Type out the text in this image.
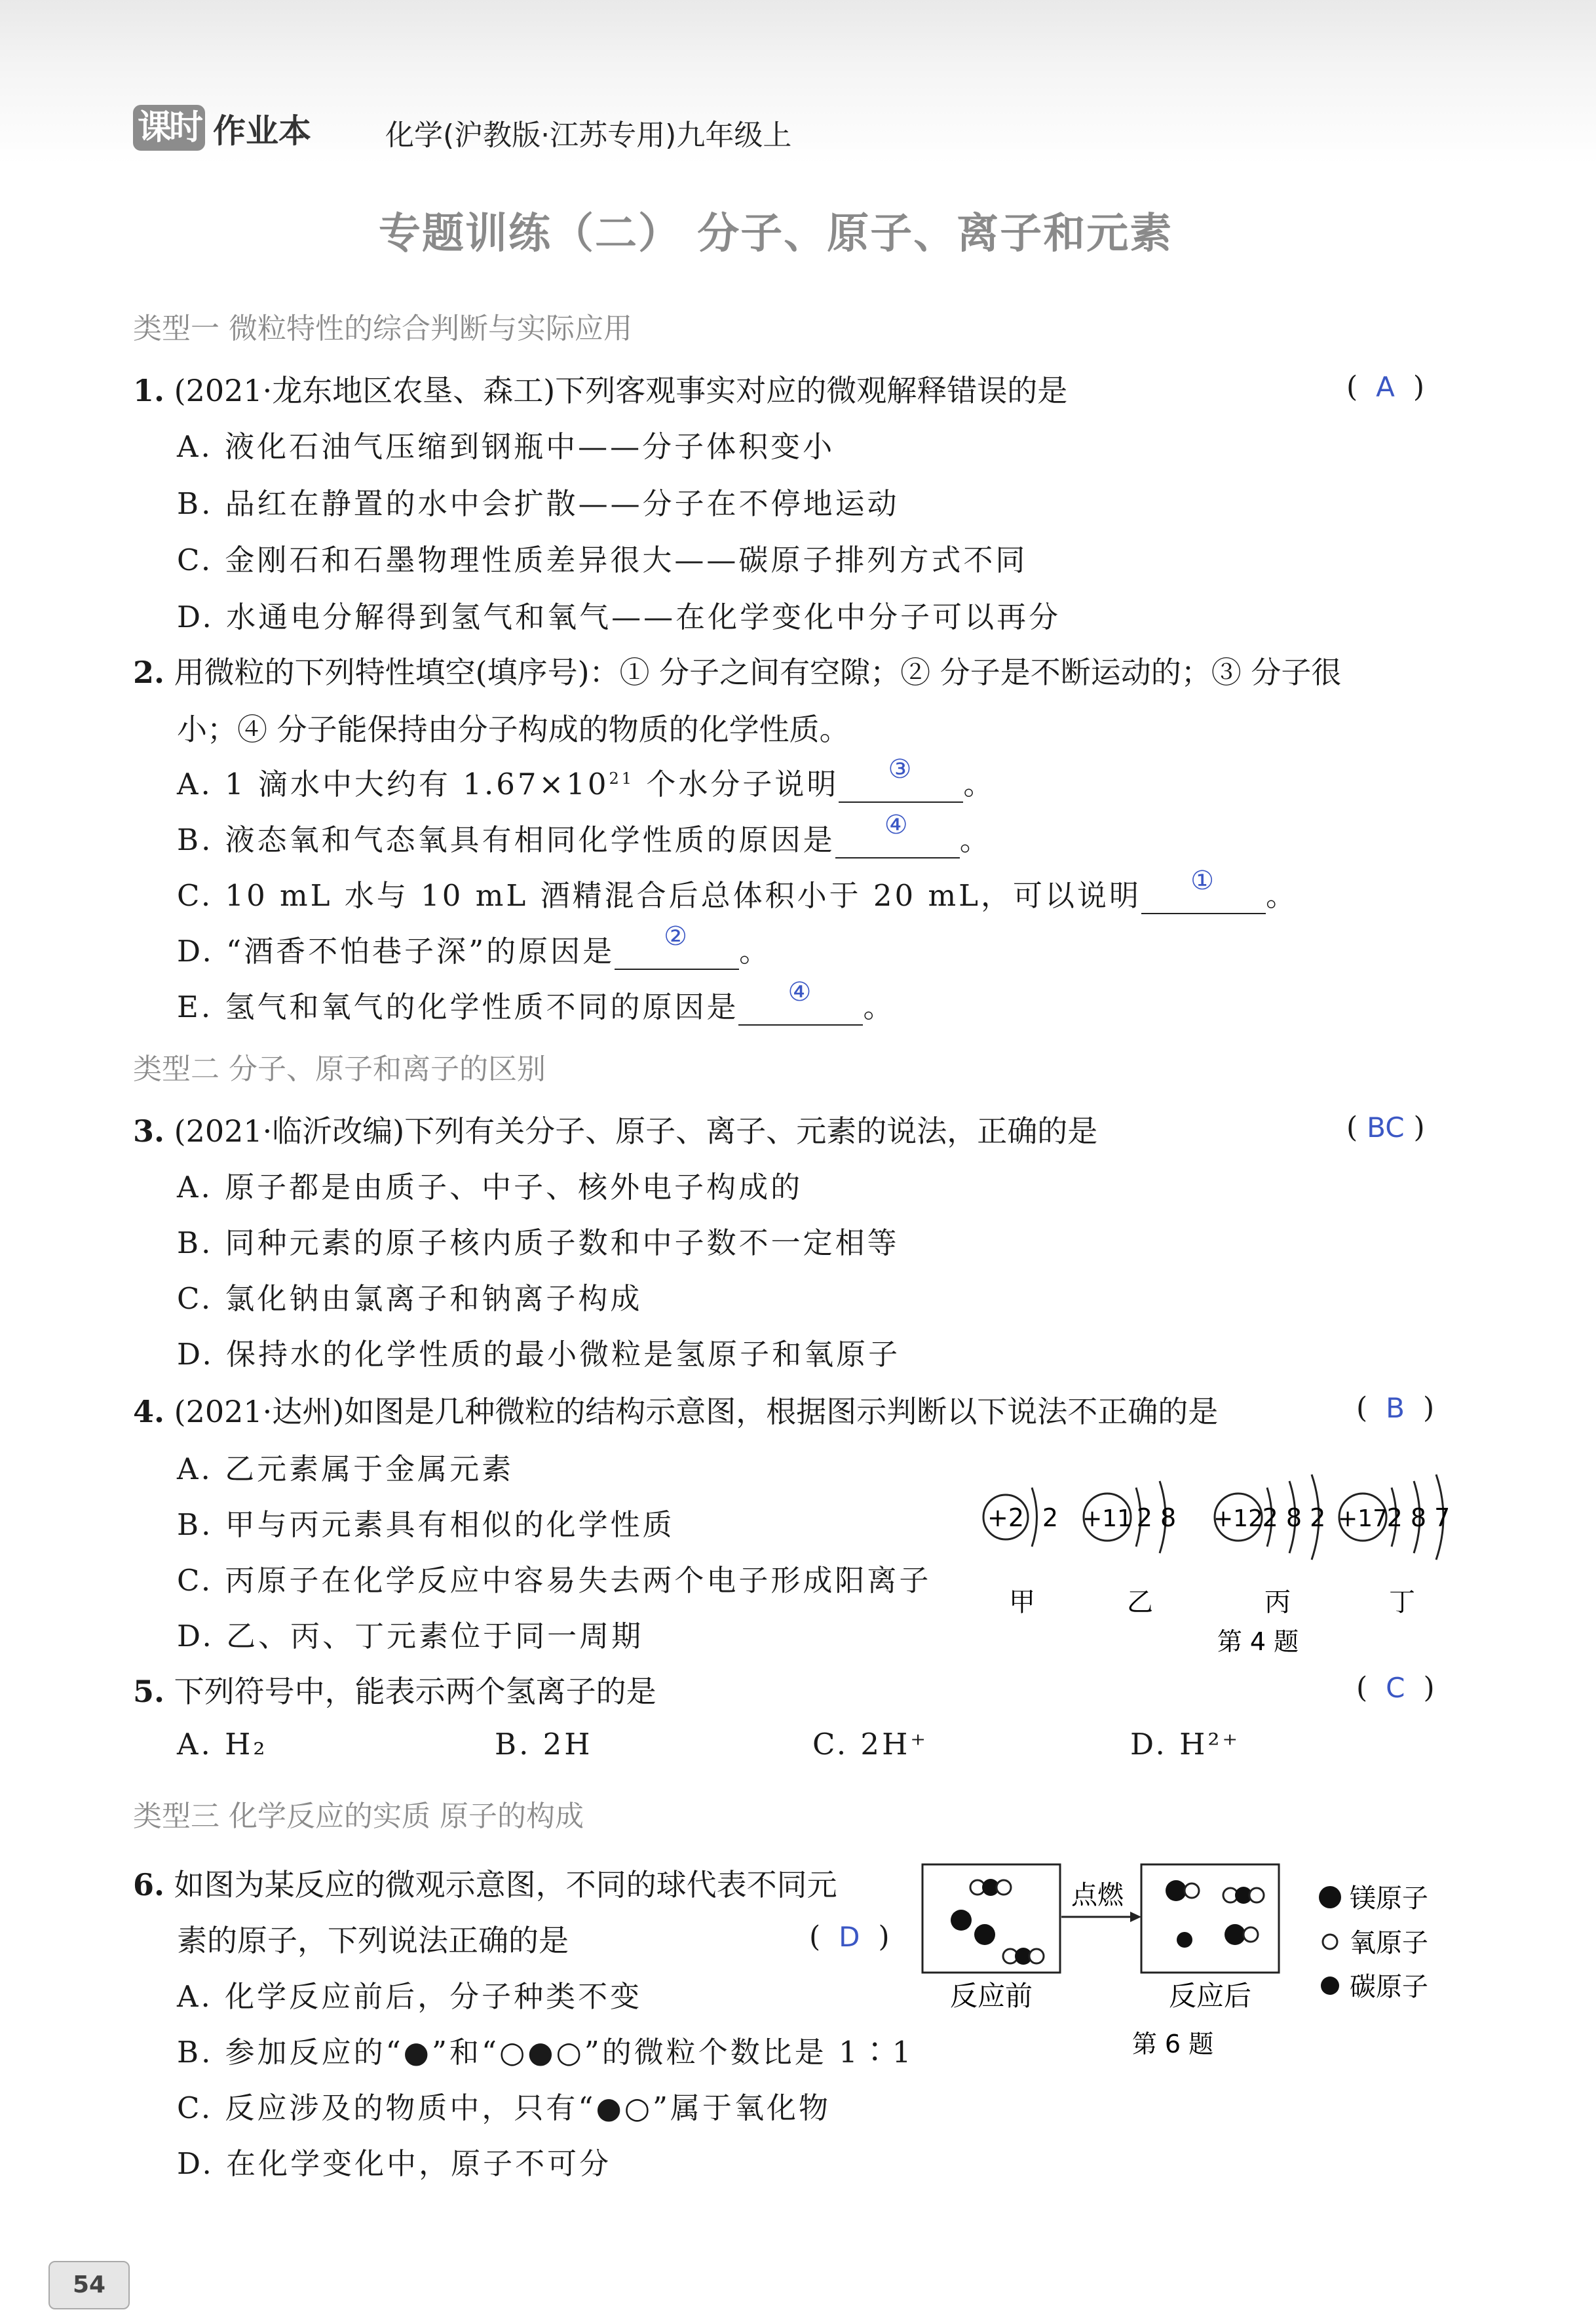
课时 作业本	化学(沪教版·江苏专用)九年级上
专题训练（二） 分子、原子、离子和元素
类型一 微粒特性的综合判断与实际应用
1. (2021·龙东地区农垦、森工)下列客观事实对应的微观解释错误的是	(  A  )
A. 液化石油气压缩到钢瓶中——分子体积变小
B. 品红在静置的水中会扩散——分子在不停地运动
C. 金刚石和石墨物理性质差异很大——碳原子排列方式不同
D. 水通电分解得到氢气和氧气——在化学变化中分子可以再分
2. 用微粒的下列特性填空(填序号)：① 分子之间有空隙；② 分子是不断运动的；③ 分子很
小；④ 分子能保持由分子构成的物质的化学性质。
A. 1 滴水中大约有 $1.67\times 10^{21}$ 个水分子说明	③	。
B. 液态氧和气态氧具有相同化学性质的原因是	④	。
C. 10 mL 水与 10 mL 酒精混合后总体积小于 20 mL，可以说明	①	。
D. “酒香不怕巷子深”的原因是	②	。
E. 氢气和氧气的化学性质不同的原因是	④	。
类型二 分子、原子和离子的区别
3. (2021·临沂改编)下列有关分子、原子、离子、元素的说法，正确的是	( BC )
A. 原子都是由质子、中子、核外电子构成的
B. 同种元素的原子核内质子数和中子数不一定相等
C. 氯化钠由氯离子和钠离子构成
D. 保持水的化学性质的最小微粒是氢原子和氧原子
4. (2021·达州)如图是几种微粒的结构示意图，根据图示判断以下说法不正确的是	(  B  )
A. 乙元素属于金属元素
B. 甲与丙元素具有相似的化学性质
C. 丙原子在化学反应中容易失去两个电子形成阳离子
D. 乙、丙、丁元素位于同一周期
+2 2
甲
+11 2 8
乙
+12
2 8 2
丙
+17
2 8 7
丁
第 4 题
5. 下列符号中，能表示两个氢离子的是	(  C  )
A. H₂	B. 2H	C. 2H⁺	D. H²⁺
类型三 化学反应的实质 原子的构成
6. 如图为某反应的微观示意图，不同的球代表不同元
素的原子，下列说法正确的是	(  D  )
A. 化学反应前后，分子种类不变
B. 参加反应的“●”和“○●○”的微粒个数比是 1∶1
C. 反应涉及的物质中，只有“●○”属于氧化物
D. 在化学变化中，原子不可分
反应前
点燃
反应后
第 6 题
镁原子
氧原子
碳原子
54
